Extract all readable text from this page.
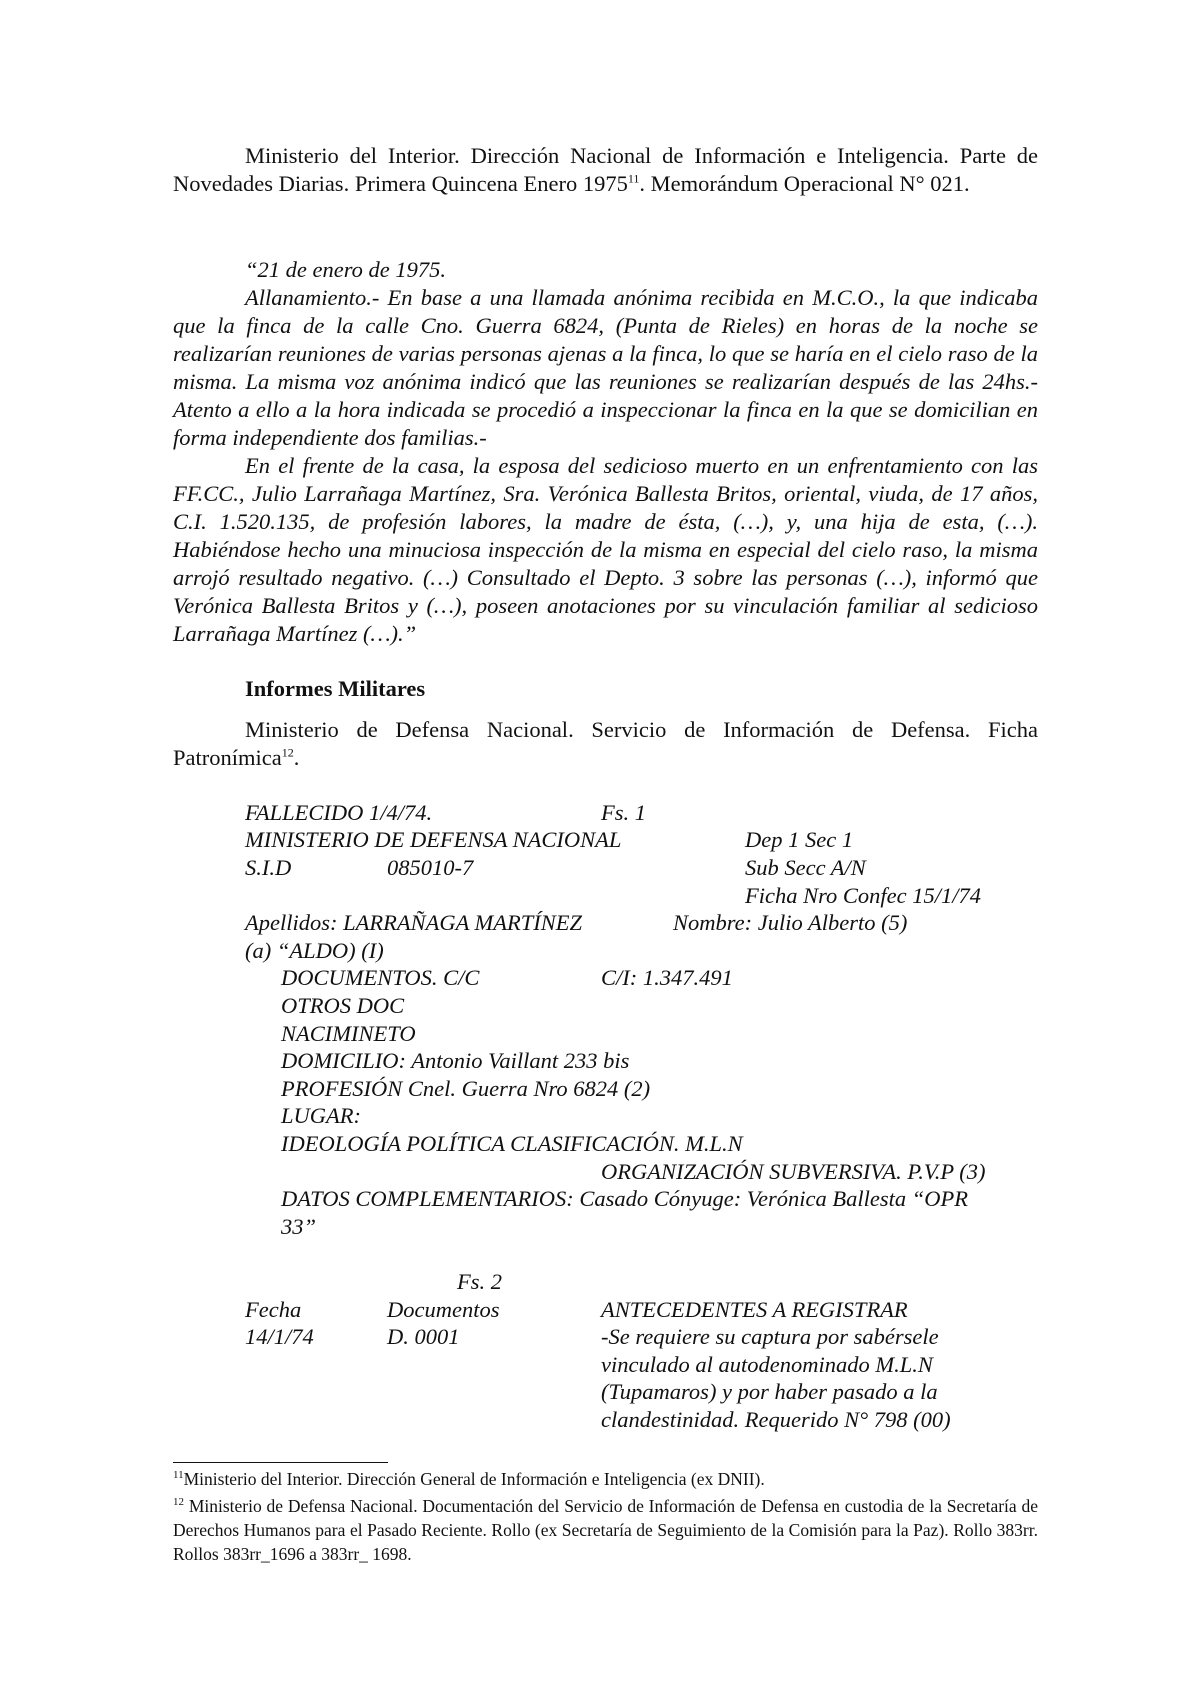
Ministerio del Interior. Dirección Nacional de Información e Inteligencia. Parte de Novedades Diarias. Primera Quincena Enero 1975$^{11}$. Memorándum Operacional N° 021.

“21 de enero de 1975.

Allanamiento.- En base a una llamada anónima recibida en M.C.O., la que indicaba que la finca de la calle Cno. Guerra 6824, (Punta de Rieles) en horas de la noche se realizarían reuniones de varias personas ajenas a la finca, lo que se haría en el cielo raso de la misma. La misma voz anónima indicó que las reuniones se realizarían después de las 24hs.- Atento a ello a la hora indicada se procedió a inspeccionar la finca en la que se domicilian en forma independiente dos familias.-

En el frente de la casa, la esposa del sedicioso muerto en un enfrentamiento con las FF.CC., Julio Larrañaga Martínez, Sra. Verónica Ballesta Britos, oriental, viuda, de 17 años, C.I. 1.520.135, de profesión labores, la madre de ésta, (…), y, una hija de esta, (…). Habiéndose hecho una minuciosa inspección de la misma en especial del cielo raso, la misma arrojó resultado negativo. (…) Consultado el Depto. 3 sobre las personas (…), informó que Verónica Ballesta Britos y (…), poseen anotaciones por su vinculación familiar al sedicioso Larrañaga Martínez (…).”

Informes Militares

Ministerio de Defensa Nacional. Servicio de Información de Defensa. Ficha Patronímica$^{12}$.

FALLECIDO 1/4/74.	Fs. 1
MINISTERIO DE DEFENSA NACIONAL	Dep 1 Sec 1
S.I.D	085010-7	Sub Secc A/N
Ficha Nro Confec 15/1/74
Apellidos: LARRAÑAGA MARTÍNEZ	Nombre: Julio Alberto (5)
(a) “ALDO) (I)
DOCUMENTOS. C/C	C/I: 1.347.491
OTROS DOC
NACIMINETO
DOMICILIO: Antonio Vaillant 233 bis
PROFESIÓN Cnel. Guerra Nro 6824 (2)
LUGAR:
IDEOLOGÍA POLÍTICA CLASIFICACIÓN. M.L.N
ORGANIZACIÓN SUBVERSIVA. P.V.P (3)
DATOS COMPLEMENTARIOS: Casado Cónyuge: Verónica Ballesta “OPR
33”
Fs. 2
Fecha	Documentos	ANTECEDENTES A REGISTRAR
14/1/74	D. 0001	-Se requiere su captura por sabérsele
vinculado al autodenominado M.L.N
(Tupamaros) y por haber pasado a la
clandestinidad. Requerido N° 798 (00)

$^{11}$Ministerio del Interior. Dirección General de Información e Inteligencia (ex DNII).

$^{12}$ Ministerio de Defensa Nacional. Documentación del Servicio de Información de Defensa en custodia de la Secretaría de Derechos Humanos para el Pasado Reciente. Rollo (ex Secretaría de Seguimiento de la Comisión para la Paz). Rollo 383rr. Rollos 383rr_1696 a 383rr_ 1698.
